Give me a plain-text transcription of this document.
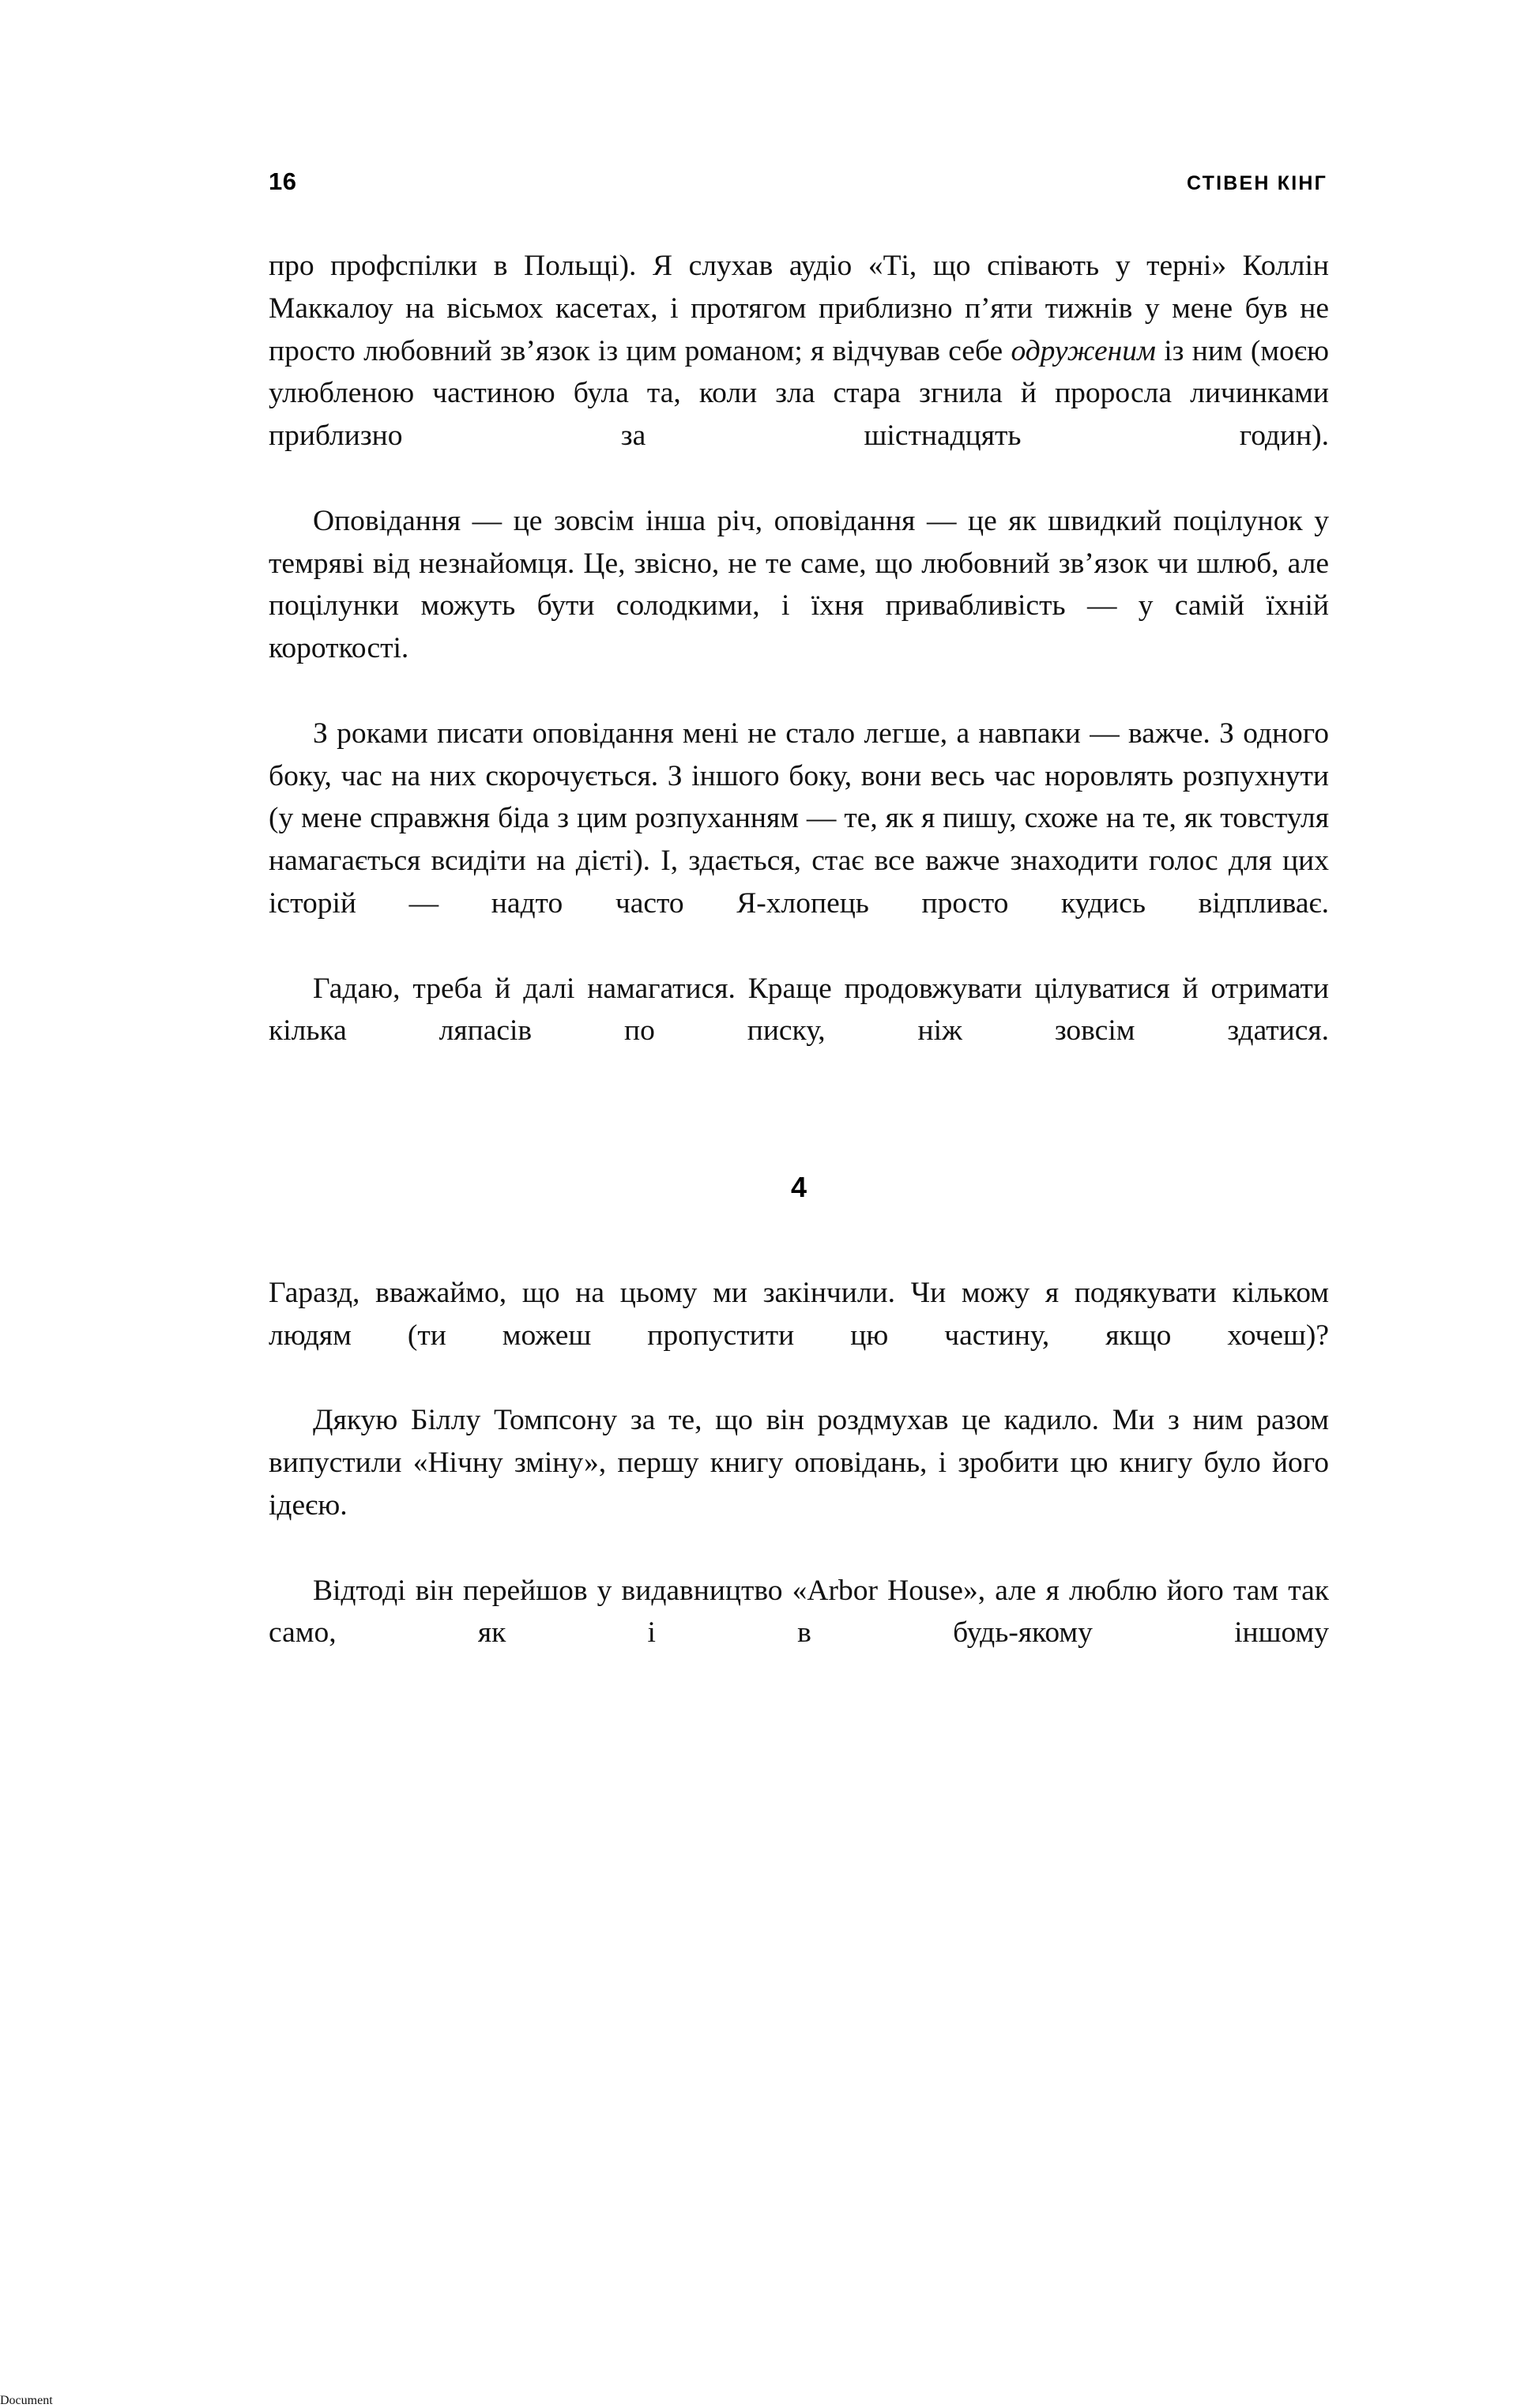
16	СТІВЕН КІНГ

про профспілки в Польщі). Я слухав аудіо «Ті, що співають у терні» Коллін Маккалоу на вісьмох касетах, і протягом приблизно п’яти тижнів у мене був не просто любовний зв’язок із цим романом; я відчував себе одруженим із ним (моєю улюбленою частиною була та, коли зла стара згнила й проросла личинками приблизно за шістнадцять годин).

Оповідання — це зовсім інша річ, оповідання — це як швидкий поцілунок у темряві від незнайомця. Це, звісно, не те саме, що любовний зв’язок чи шлюб, але поцілунки можуть бути солодкими, і їхня привабливість — у самій їхній короткості.

З роками писати оповідання мені не стало легше, а навпаки — важче. З одного боку, час на них скорочується. З іншого боку, вони весь час норовлять розпухнути (у мене справжня біда з цим розпуханням — те, як я пишу, схоже на те, як товстуля намагається всидіти на дієті). І, здається, стає все важче знаходити голос для цих історій — надто часто Я-хлопець просто кудись відпливає.

Гадаю, треба й далі намагатися. Краще продовжувати цілуватися й отримати кілька ляпасів по писку, ніж зовсім здатися.

4

Гаразд, вважаймо, що на цьому ми закінчили. Чи можу я подякувати кільком людям (ти можеш пропустити цю частину, якщо хочеш)?

Дякую Біллу Томпсону за те, що він роздмухав це кадило. Ми з ним разом випустили «Нічну зміну», першу книгу оповідань, і зробити цю книгу було його ідеєю.

Відтоді він перейшов у видавництво «Arbor House», але я люблю його там так само, як і в будь-якому іншому

Document
